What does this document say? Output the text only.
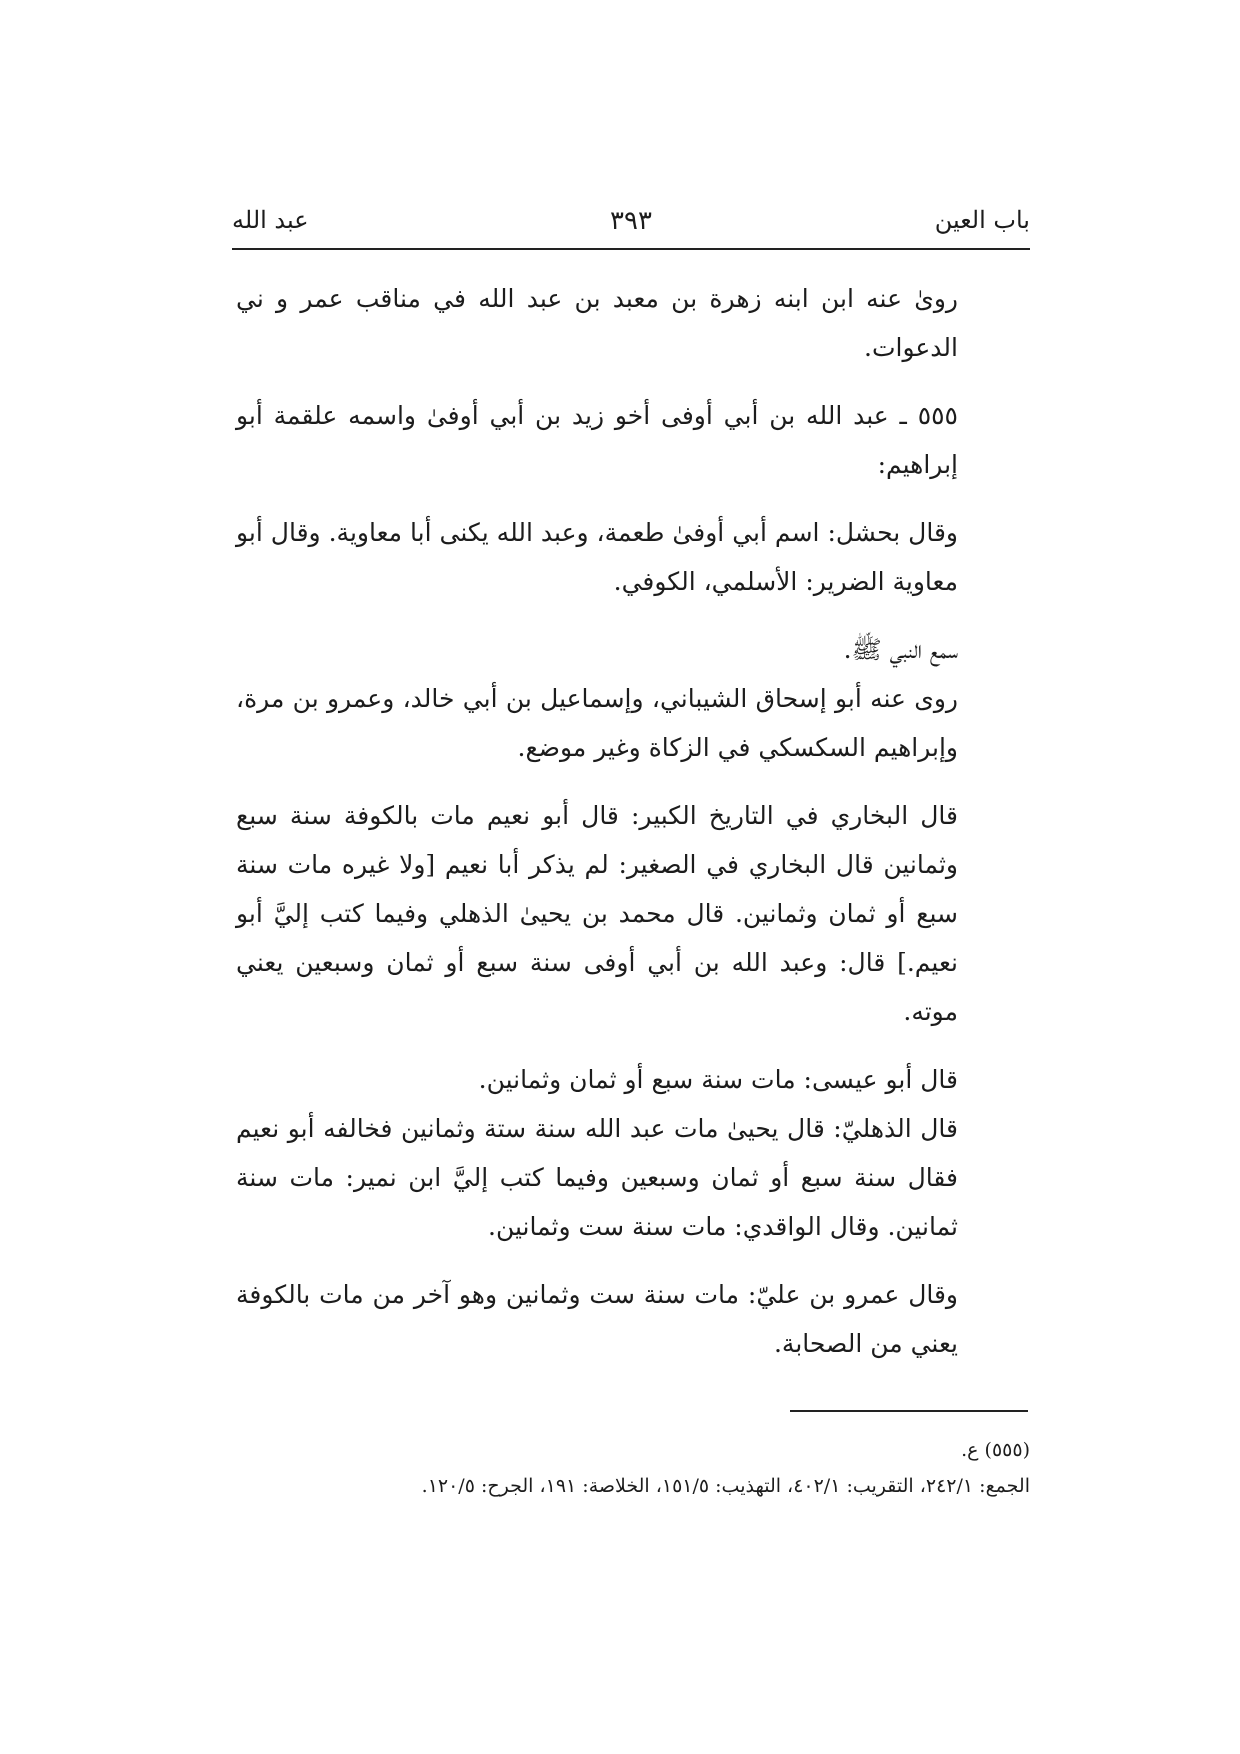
باب العين
٣٩٣
عبد الله

روىٰ عنه ابن ابنه زهرة بن معبد بن عبد الله في مناقب عمر و ني الدعوات.

٥٥٥ ـ عبد الله بن أبي أوفى أخو زيد بن أبي أوفىٰ واسمه علقمة أبو إبراهيم:

وقال بحشل: اسم أبي أوفىٰ طعمة، وعبد الله يكنى أبا معاوية. وقال أبو معاوية الضرير: الأسلمي، الكوفي.

سمع النبي ﷺ.

روى عنه أبو إسحاق الشيباني، وإسماعيل بن أبي خالد، وعمرو بن مرة، وإبراهيم السكسكي في الزكاة وغير موضع.

قال البخاري في التاريخ الكبير: قال أبو نعيم مات بالكوفة سنة سبع وثمانين قال البخاري في الصغير: لم يذكر أبا نعيم [ولا غيره مات سنة سبع أو ثمان وثمانين. قال محمد بن يحيىٰ الذهلي وفيما كتب إليَّ أبو نعيم.] قال: وعبد الله بن أبي أوفى سنة سبع أو ثمان وسبعين يعني موته.

قال أبو عيسى: مات سنة سبع أو ثمان وثمانين.

قال الذهليّ: قال يحيىٰ مات عبد الله سنة ستة وثمانين فخالفه أبو نعيم فقال سنة سبع أو ثمان وسبعين وفيما كتب إليَّ ابن نمير: مات سنة ثمانين. وقال الواقدي: مات سنة ست وثمانين.

وقال عمرو بن عليّ: مات سنة ست وثمانين وهو آخر من مات بالكوفة يعني من الصحابة.

(٥٥٥) ع.

الجمع: ٢٤٢/١، التقريب: ٤٠٢/١، التهذيب: ١٥١/٥، الخلاصة: ١٩١، الجرح: ١٢٠/٥.
